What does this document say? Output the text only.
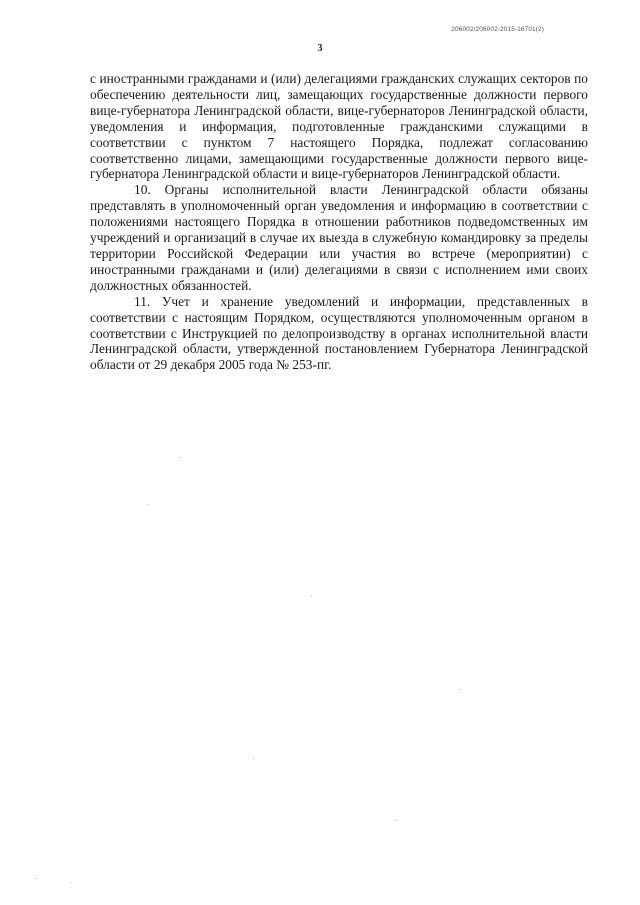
206002/206002-2015-16701(2)
3

с иностранными гражданами и (или) делегациями гражданских служащих секторов по обеспечению деятельности лиц, замещающих государственные должности первого вице-губернатора Ленинградской области, вице-губернаторов Ленинградской области, уведомления и информация, подготовленные гражданскими служащими в соответствии с пунктом 7 настоящего Порядка, подлежат согласованию соответственно лицами, замещающими государственные должности первого вице-губернатора Ленинградской области и вице-губернаторов Ленинградской области.

10. Органы исполнительной власти Ленинградской области обязаны представлять в уполномоченный орган уведомления и информацию в соответствии с положениями настоящего Порядка в отношении работников подведомственных им учреждений и организаций в случае их выезда в служебную командировку за пределы территории Российской Федерации или участия во встрече (мероприятии) с иностранными гражданами и (или) делегациями в связи с исполнением ими своих должностных обязанностей.

11. Учет и хранение уведомлений и информации, представленных в соответствии с настоящим Порядком, осуществляются уполномоченным органом в соответствии с Инструкцией по делопроизводству в органах исполнительной власти Ленинградской области, утвержденной постановлением Губернатора Ленинградской области от 29 декабря 2005 года № 253-пг.
